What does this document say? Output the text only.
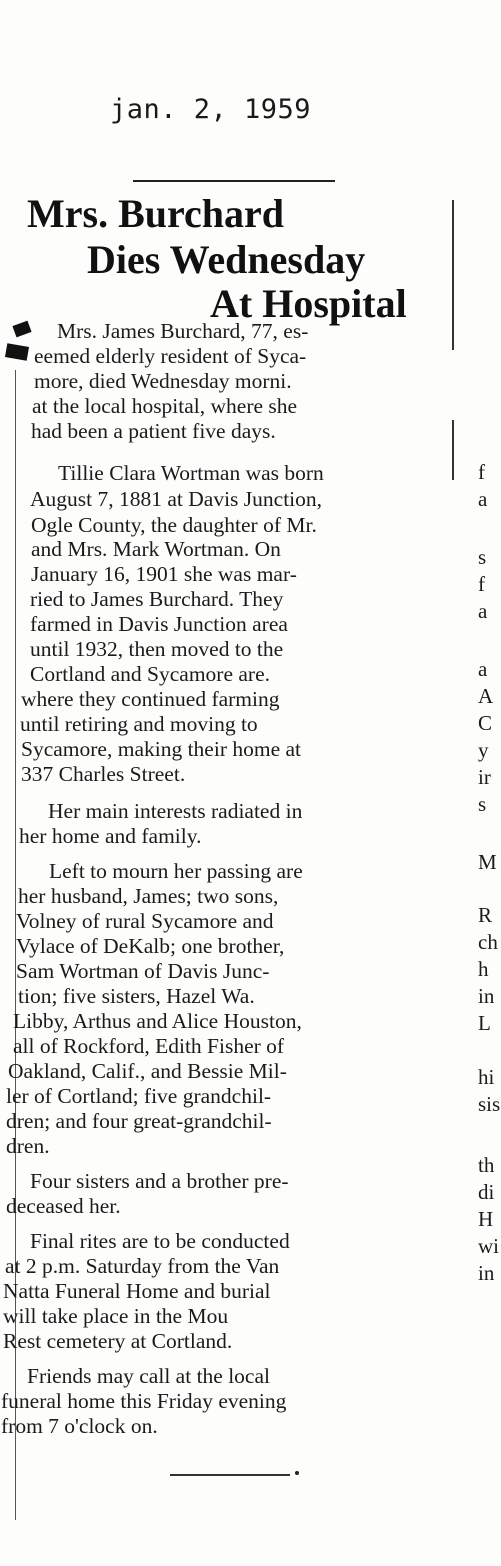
jan. 2, 1959
Mrs. Burchard
Dies Wednesday
At Hospital
Mrs. James Burchard, 77, es-
eemed elderly resident of Syca-
more, died Wednesday morni.
at the local hospital, where she
had been a patient five days.
Tillie Clara Wortman was born
August 7, 1881 at Davis Junction,
Ogle County, the daughter of Mr.
and Mrs. Mark Wortman. On
January 16, 1901 she was mar-
ried to James Burchard. They
farmed in Davis Junction area
until 1932, then moved to the
Cortland and Sycamore are.
where they continued farming
until retiring and moving to
Sycamore, making their home at
337 Charles Street.
Her main interests radiated in
her home and family.
Left to mourn her passing are
her husband, James; two sons,
Volney of rural Sycamore and
Vylace of DeKalb; one brother,
Sam Wortman of Davis Junc-
tion; five sisters, Hazel Wa.
Libby, Arthus and Alice Houston,
all of Rockford, Edith Fisher of
Oakland, Calif., and Bessie Mil-
ler of Cortland; five grandchil-
dren; and four great-grandchil-
dren.
Four sisters and a brother pre-
deceased her.
Final rites are to be conducted
at 2 p.m. Saturday from the Van
Natta Funeral Home and burial
will take place in the Mou
Rest cemetery at Cortland.
Friends may call at the local
funeral home this Friday evening
from 7 o'clock on.
f
a
s
f
a
a
A
C
y
ir
s
M
R
ch
h
in
L
hi
sis
th
di
H
wi
in
